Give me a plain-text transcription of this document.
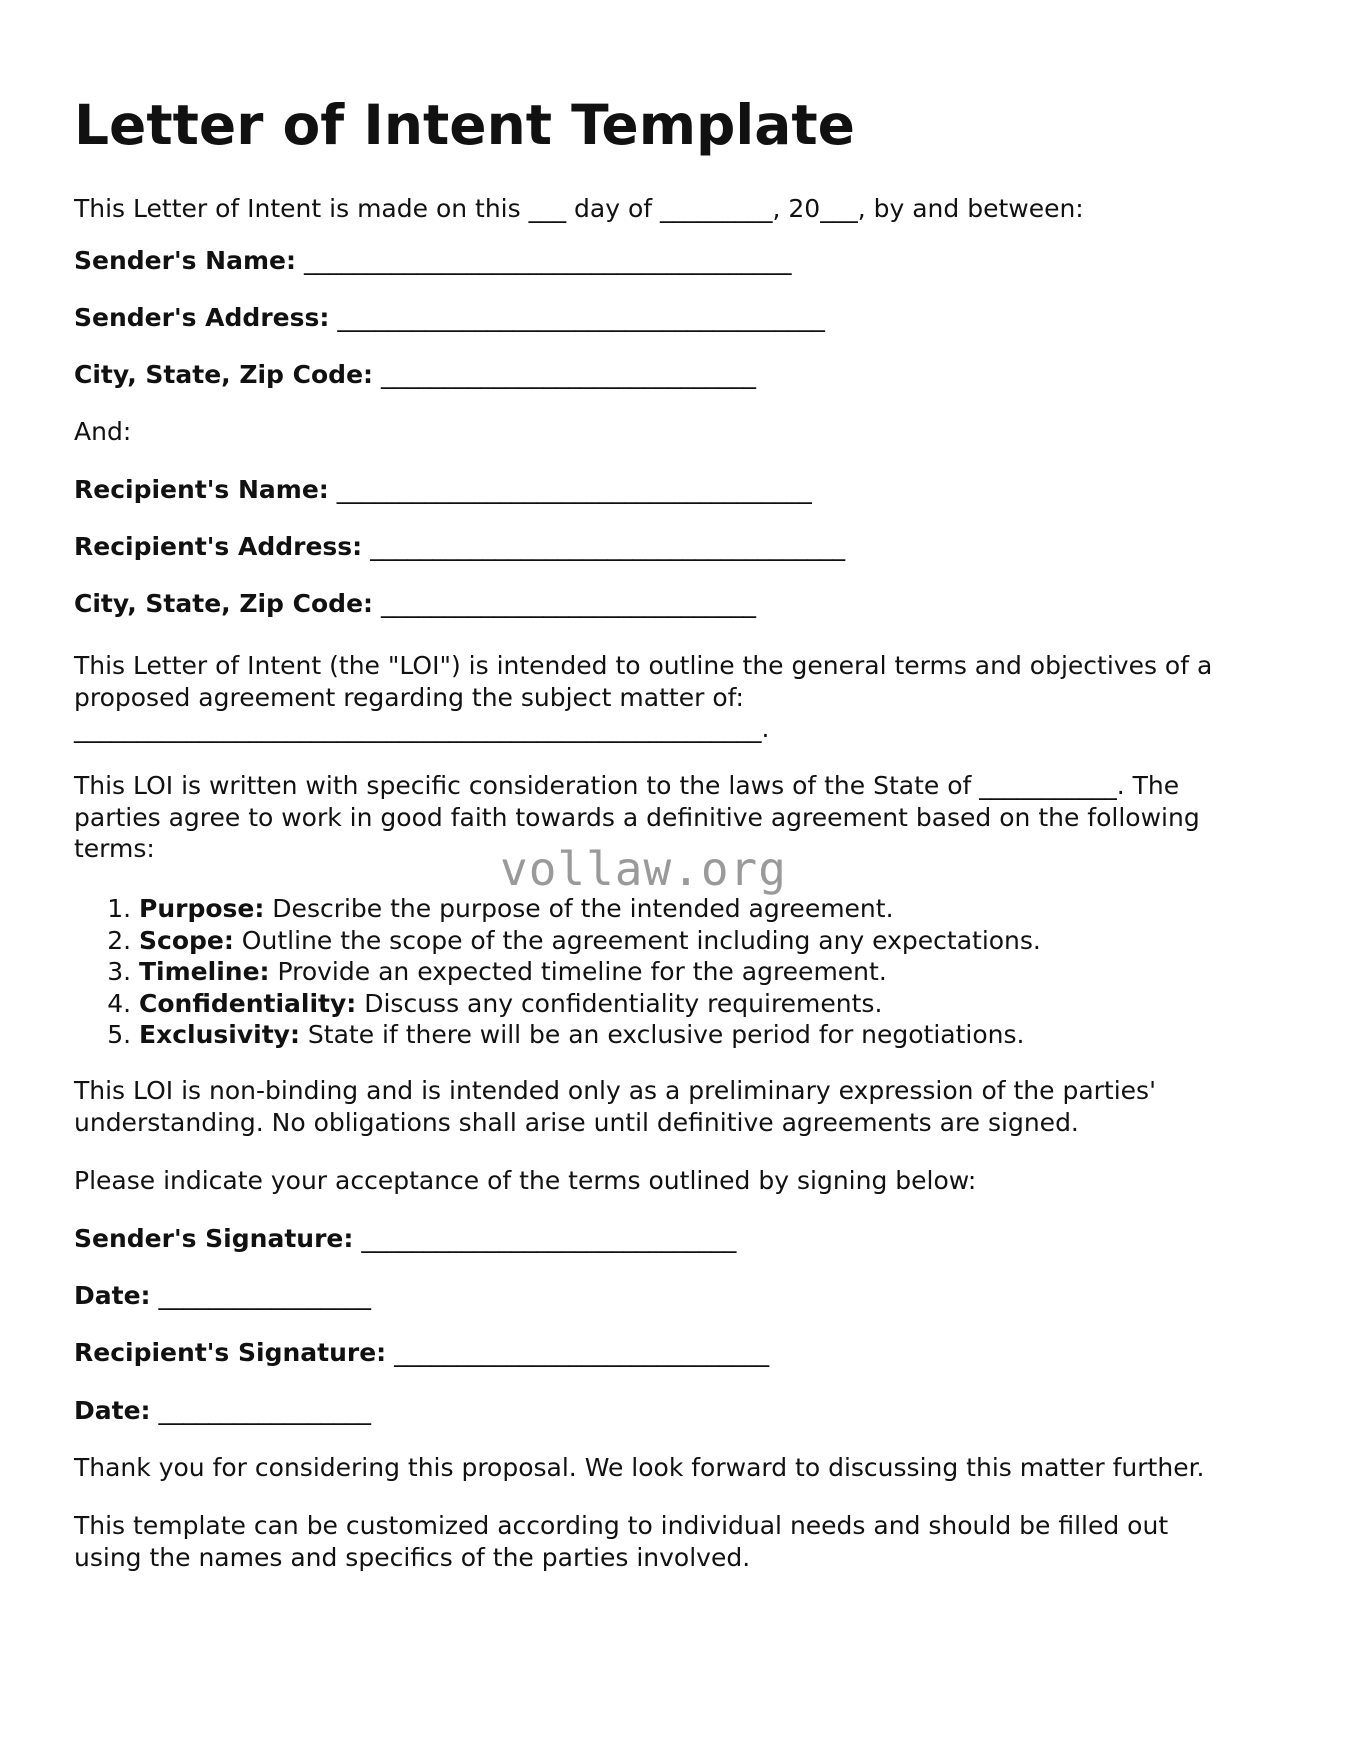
Letter of Intent Template

This Letter of Intent is made on this ___ day of _________, 20___, by and between:

Sender's Name: _______________________________________

Sender's Address: _______________________________________

City, State, Zip Code: ______________________________

And:

Recipient's Name: ______________________________________

Recipient's Address: ______________________________________

City, State, Zip Code: ______________________________

This Letter of Intent (the "LOI") is intended to outline the general terms and objectives of a
proposed agreement regarding the subject matter of:
_______________________________________________________.
This LOI is written with specific consideration to the laws of the State of ___________. The
parties agree to work in good faith towards a definitive agreement based on the following
terms:
1. Purpose: Describe the purpose of the intended agreement.
2. Scope: Outline the scope of the agreement including any expectations.
3. Timeline: Provide an expected timeline for the agreement.
4. Confidentiality: Discuss any confidentiality requirements.
5. Exclusivity: State if there will be an exclusive period for negotiations.
This LOI is non-binding and is intended only as a preliminary expression of the parties'
understanding. No obligations shall arise until definitive agreements are signed.

Please indicate your acceptance of the terms outlined by signing below:

Sender's Signature: ______________________________

Date: _________________

Recipient's Signature: ______________________________

Date: _________________

Thank you for considering this proposal. We look forward to discussing this matter further.

This template can be customized according to individual needs and should be filled out
using the names and specifics of the parties involved.
vollaw.org
